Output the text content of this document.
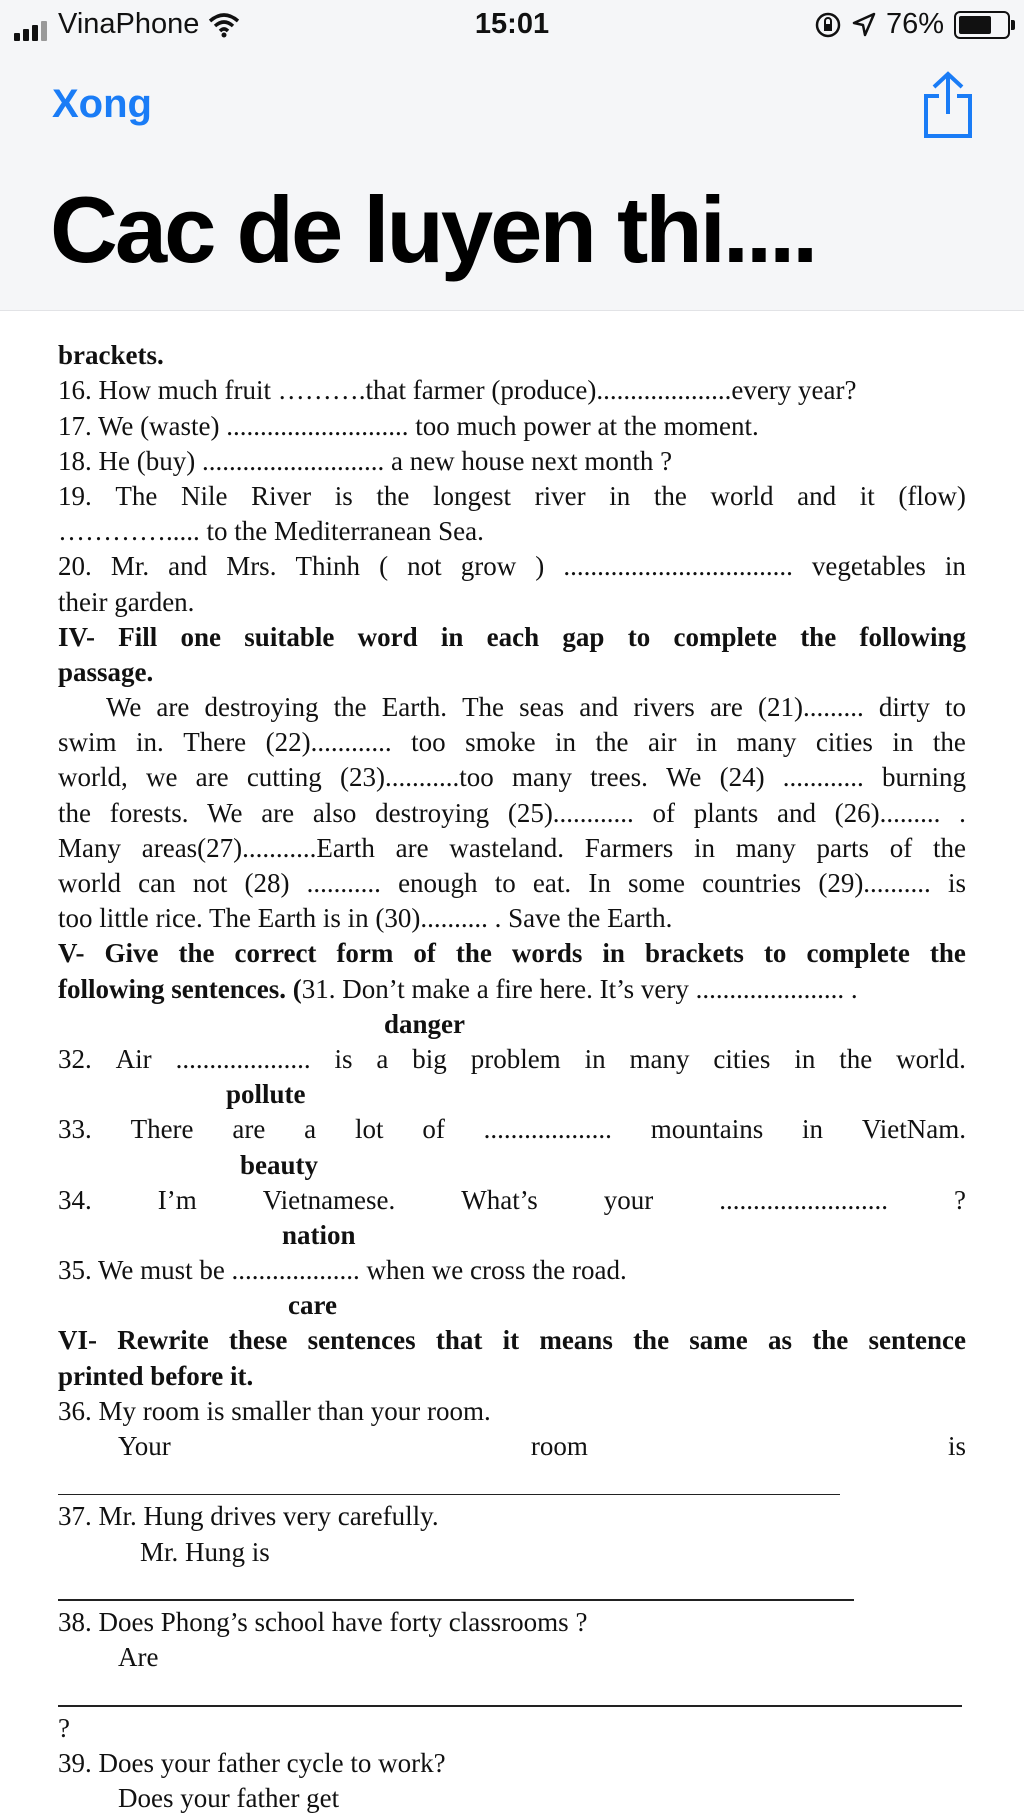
VinaPhone	15:01	76%
Xong
Cac de luyen thi....
brackets.
16. How much fruit ……….that farmer (produce)....................every year?
17. We (waste) ........................... too much power at the moment.
18. He (buy) ........................... a new house next month ?
19. The Nile River is the longest river in the world and it (flow)
…………..... to the Mediterranean Sea.
20. Mr. and Mrs. Thinh ( not grow ) .................................. vegetables in
their garden.
IV- Fill one suitable word in each gap to complete the following
passage.
We are destroying the Earth. The seas and rivers are (21)......... dirty to
swim in. There (22)............ too smoke in the air in many cities in the
world, we are cutting (23)...........too many trees. We (24) ............ burning
the forests. We are also destroying (25)............ of plants and (26)......... .
Many areas(27)...........Earth are wasteland. Farmers in many parts of the
world can not (28) ........... enough to eat. In some countries (29).......... is
too little rice. The Earth is in (30).......... . Save the Earth.
V- Give the correct form of the words in brackets to complete the
following sentences. (31. Don’t make a fire here. It’s very ...................... .
danger
32. Air .................... is a big problem in many cities in the world.
pollute
33. There are a lot of ................... mountains in VietNam.
beauty
34. I’m Vietnamese. What’s your ......................... ?
nation
35. We must be ................... when we cross the road.
care
VI- Rewrite these sentences that it means the same as the sentence
printed before it.
36. My room is smaller than your room.
Your	room	is
37. Mr. Hung drives very carefully.
Mr. Hung is
38. Does Phong’s school have forty classrooms ?
Are
?
39. Does your father cycle to work?
Does your father get
